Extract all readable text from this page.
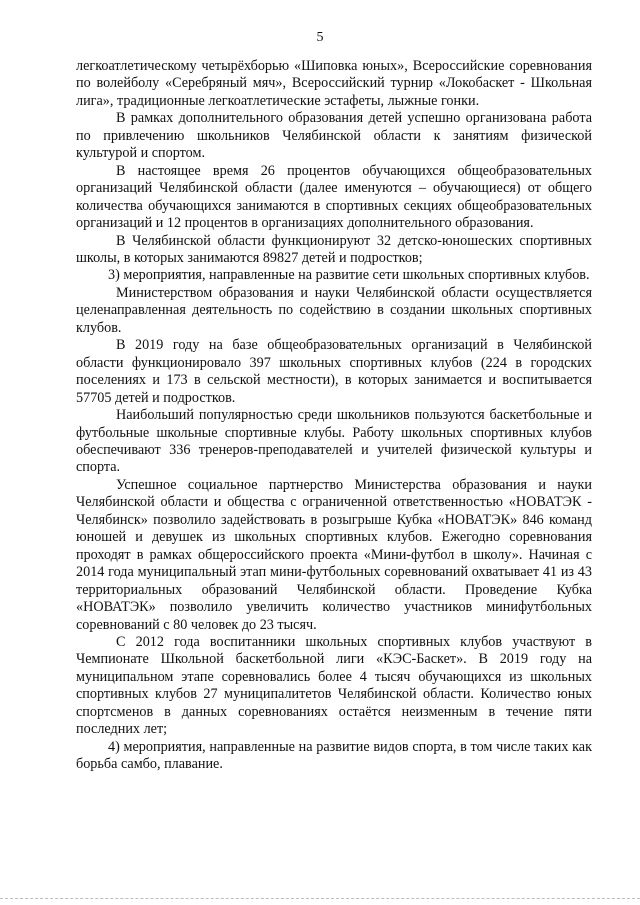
5

легкоатлетическому четырёхборью «Шиповка юных», Всероссийские соревнования по волейболу «Серебряный мяч», Всероссийский турнир «Локобаскет - Школьная лига», традиционные легкоатлетические эстафеты, лыжные гонки.

В рамках дополнительного образования детей успешно организована работа по привлечению школьников Челябинской области к занятиям физической культурой и спортом.

В настоящее время 26 процентов обучающихся общеобразовательных организаций Челябинской области (далее именуются – обучающиеся) от общего количества обучающихся занимаются в спортивных секциях общеобразовательных организаций и 12 процентов в организациях дополнительного образования.

В Челябинской области функционируют 32 детско-юношеских спортивных школы, в которых занимаются 89827 детей и подростков;

3) мероприятия, направленные на развитие сети школьных спортивных клубов.

Министерством образования и науки Челябинской области осуществляется целенаправленная деятельность по содействию в создании школьных спортивных клубов.

В 2019 году на базе общеобразовательных организаций в Челябинской области функционировало 397 школьных спортивных клубов (224 в городских поселениях и 173 в сельской местности), в которых занимается и воспитывается 57705 детей и подростков.

Наибольший популярностью среди школьников пользуются баскетбольные и футбольные школьные спортивные клубы. Работу школьных спортивных клубов обеспечивают 336 тренеров-преподавателей и учителей физической культуры и спорта.

Успешное социальное партнерство Министерства образования и науки Челябинской области и общества с ограниченной ответственностью «НОВАТЭК - Челябинск» позволило задействовать в розыгрыше Кубка «НОВАТЭК» 846 команд юношей и девушек из школьных спортивных клубов. Ежегодно соревнования проходят в рамках общероссийского проекта «Мини-футбол в школу». Начиная с 2014 года муниципальный этап мини-футбольных соревнований охватывает 41 из 43 территориальных образований Челябинской области. Проведение Кубка «НОВАТЭК» позволило увеличить количество участников минифутбольных соревнований с 80 человек до 23 тысяч.

С 2012 года воспитанники школьных спортивных клубов участвуют в Чемпионате Школьной баскетбольной лиги «КЭС-Баскет». В 2019 году на муниципальном этапе соревновались более 4 тысяч обучающихся из школьных спортивных клубов 27 муниципалитетов Челябинской области. Количество юных спортсменов в данных соревнованиях остаётся неизменным в течение пяти последних лет;

4) мероприятия, направленные на развитие видов спорта, в том числе таких как борьба самбо, плавание.
